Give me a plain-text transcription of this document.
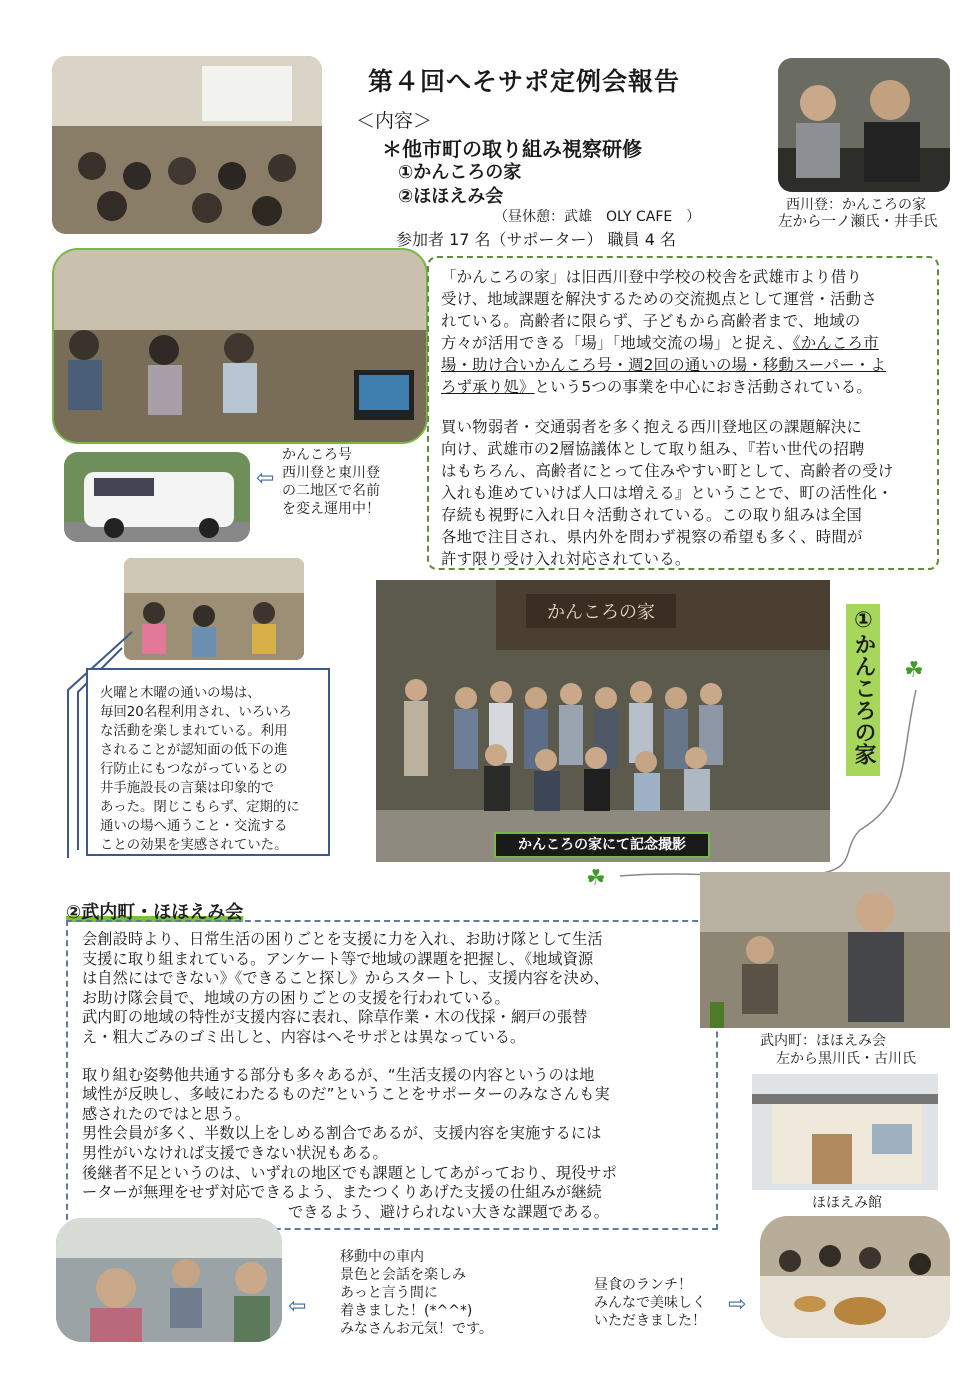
第４回へそサポ定例会報告
＜内容＞
＊他市町の取り組み視察研修
①かんころの家
②ほほえみ会
（昼休憩：武雄　OLY CAFE　）
参加者 17 名（サポーター） 職員 4 名
西川登：かんころの家
左から一ノ瀬氏・井手氏
かんころ号
西川登と東川登
の二地区で名前
を変え運用中！
⇦

「かんころの家」は旧西川登中学校の校舎を武雄市より借り

受け、地域課題を解決するための交流拠点として運営・活動さ

れている。高齢者に限らず、子どもから高齢者まで、地域の

方々が活用できる「場」「地域交流の場」と捉え、《かんころ市

場・助け合いかんころ号・週2回の通いの場・移動スーパー・よ

ろず承り処》という5つの事業を中心におき活動されている。

買い物弱者・交通弱者を多く抱える西川登地区の課題解決に

向け、武雄市の2層協議体として取り組み、『若い世代の招聘

はもちろん、高齢者にとって住みやすい町として、高齢者の受け

入れも進めていけば人口は増える』ということで、町の活性化・

存続も視野に入れ日々活動されている。この取り組みは全国

各地で注目され、県内外を問わず視察の希望も多く、時間が

許す限り受け入れ対応されている。

火曜と木曜の通いの場は、

毎回20名程利用され、いろいろ

な活動を楽しまれている。利用

されることが認知面の低下の進

行防止にもつながっているとの

井手施設長の言葉は印象的で

あった。閉じこもらず、定期的に

通いの場へ通うこと・交流する

ことの効果を実感されていた。

かんころの家
かんころの家にて記念撮影
①かんころの家 ☘
☘
②武内町・ほほえみ会

会創設時より、日常生活の困りごとを支援に力を入れ、お助け隊として生活

支援に取り組まれている。アンケート等で地域の課題を把握し、《地域資源

は自然にはできない》《できること探し》からスタートし、支援内容を決め、

お助け隊会員で、地域の方の困りごとの支援を行われている。

武内町の地域の特性が支援内容に表れ、除草作業・木の伐採・網戸の張替

え・粗大ごみのゴミ出しと、内容はへそサポとは異なっている。

取り組む姿勢他共通する部分も多々あるが、“生活支援の内容というのは地

域性が反映し、多岐にわたるものだ”ということをサポーターのみなさんも実

感されたのではと思う。

男性会員が多く、半数以上をしめる割合であるが、支援内容を実施するには

男性がいなければ支援できない状況もある。

後継者不足というのは、いずれの地区でも課題としてあがっており、現役サポ

ーターが無理をせず対応できるよう、またつくりあげた支援の仕組みが継続

できるよう、避けられない大きな課題である。

武内町：ほほえみ会
左から黒川氏・古川氏
ほほえみ館
昼食のランチ！
みんなで美味しく
いただきました！
⇨
⇦
移動中の車内
景色と会話を楽しみ
あっと言う間に
着きました！(*^^*)
みなさんお元気！です。
